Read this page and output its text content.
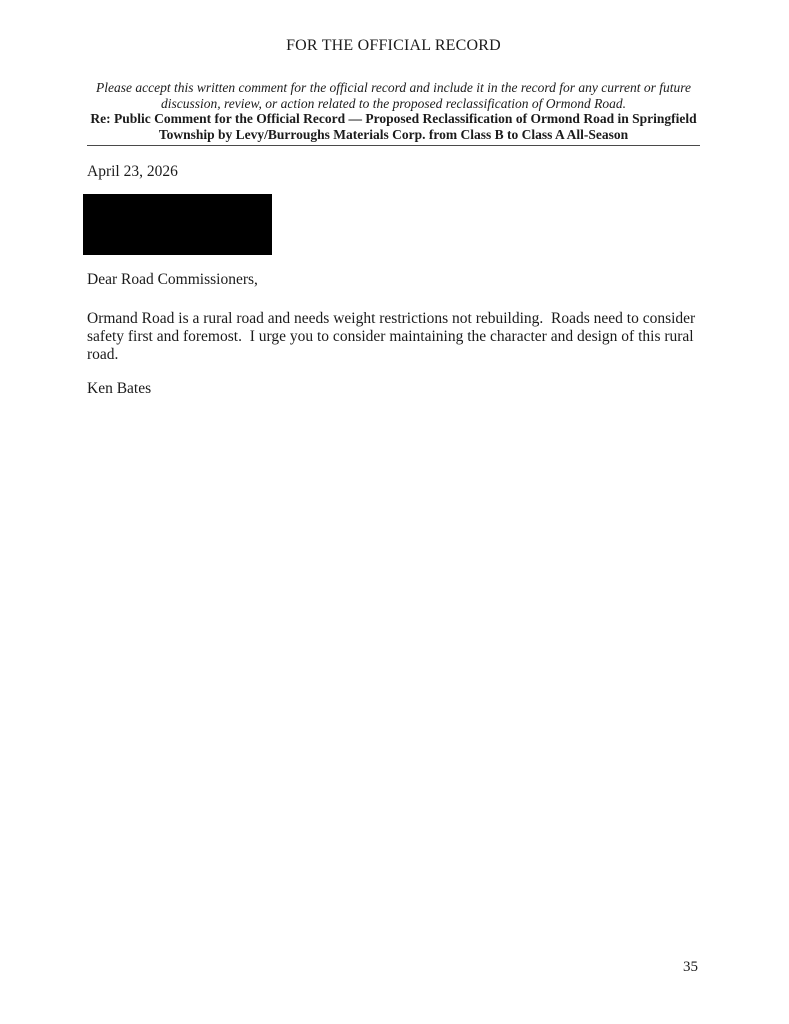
FOR THE OFFICIAL RECORD
Please accept this written comment for the official record and include it in the record for any current or future
discussion, review, or action related to the proposed reclassification of Ormond Road.
Re: Public Comment for the Official Record — Proposed Reclassification of Ormond Road in Springfield
Township by Levy/Burroughs Materials Corp. from Class B to Class A All-Season
April 23, 2026
Dear Road Commissioners,
Ormand Road is a rural road and needs weight restrictions not rebuilding.  Roads need to consider safety first and foremost.  I urge you to consider maintaining the character and design of this rural road.
Ken Bates
35
